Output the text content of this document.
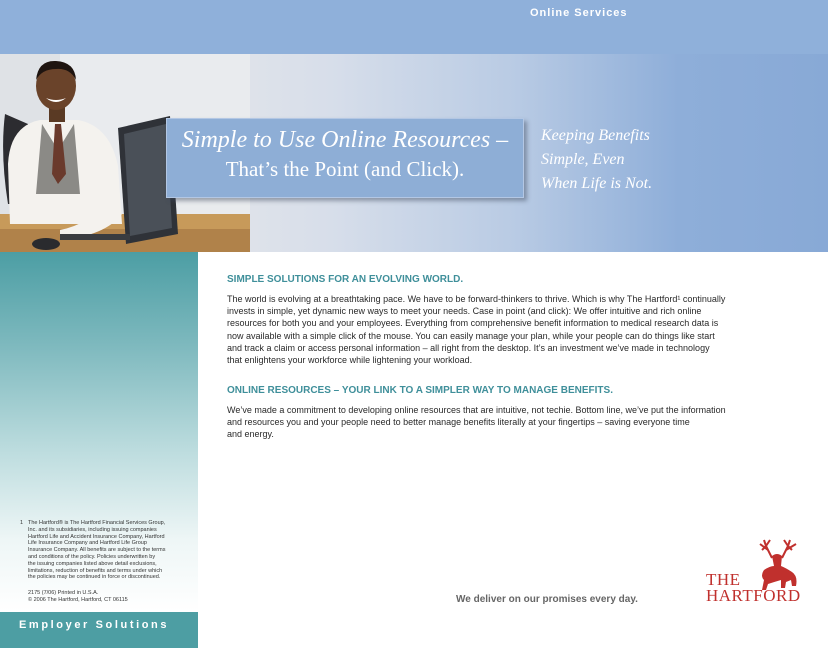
Online Services
Simple to Use Online Resources –
That’s the Point (and Click).
Keeping Benefits
Simple, Even
When Life is Not.
1 The Hartford® is The Hartford Financial Services Group,
Inc. and its subsidiaries, including issuing companies
Hartford Life and Accident Insurance Company, Hartford
Life Insurance Company and Hartford Life Group
Insurance Company. All benefits are subject to the terms
and conditions of the policy. Policies underwritten by
the issuing companies listed above detail exclusions,
limitations, reduction of benefits and terms under which
the policies may be continued in force or discontinued.
2175 (7/06) Printed in U.S.A.
© 2006 The Hartford, Hartford, CT 06115
Employer Solutions
SIMPLE SOLUTIONS FOR AN EVOLVING WORLD.
The world is evolving at a breathtaking pace. We have to be forward-thinkers to thrive. Which is why The Hartford¹ continually
invests in simple, yet dynamic new ways to meet your needs. Case in point (and click): We offer intuitive and rich online
resources for both you and your employees. Everything from comprehensive benefit information to medical research data is
now available with a simple click of the mouse. You can easily manage your plan, while your people can do things like start
and track a claim or access personal information – all right from the desktop. It’s an investment we’ve made in technology
that enlightens your workforce while lightening your workload.
ONLINE RESOURCES – YOUR LINK TO A SIMPLER WAY TO MANAGE BENEFITS.
We’ve made a commitment to developing online resources that are intuitive, not techie. Bottom line, we’ve put the information
and resources you and your people need to better manage benefits literally at your fingertips – saving everyone time
and energy.
We deliver on our promises every day.
THE
HARTFORD
